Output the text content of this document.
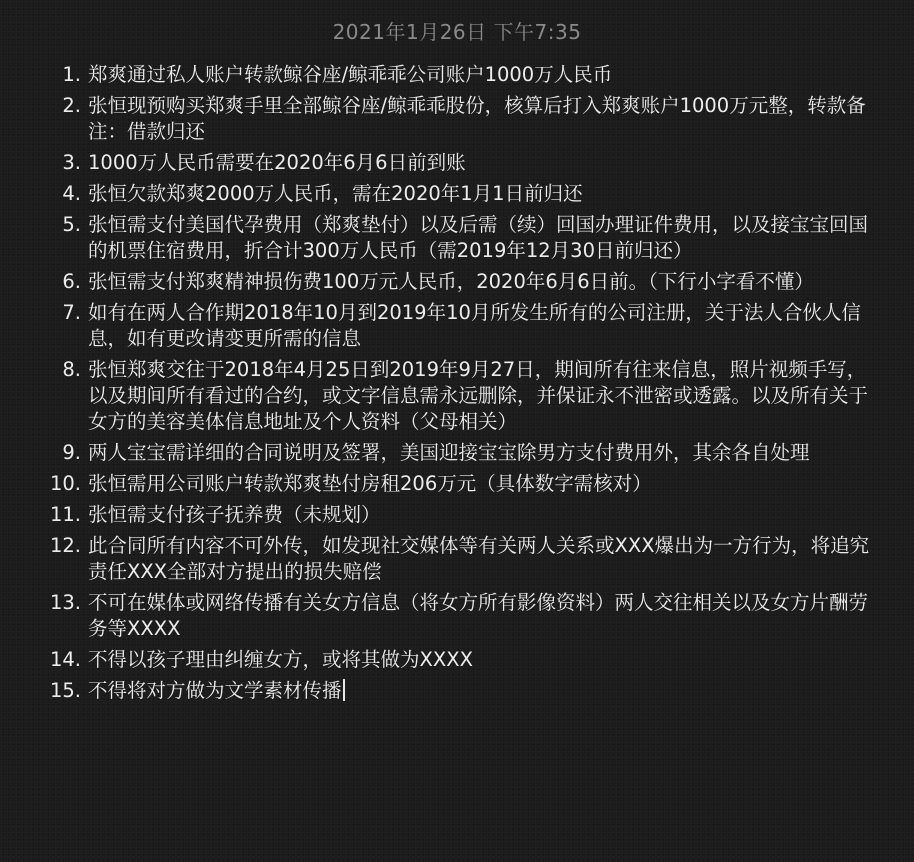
2021年1月26日 下午7:35
1. 郑爽通过私人账户转款鲸谷座/鲸乖乖公司账户1000万人民币
2. 张恒现预购买郑爽手里全部鲸谷座/鲸乖乖股份，核算后打入郑爽账户1000万元整，转款备注：借款归还
3. 1000万人民币需要在2020年6月6日前到账
4. 张恒欠款郑爽2000万人民币，需在2020年1月1日前归还
5. 张恒需支付美国代孕费用（郑爽垫付）以及后需（续）回国办理证件费用，以及接宝宝回国的机票住宿费用，折合计300万人民币（需2019年12月30日前归还）
6. 张恒需支付郑爽精神损伤费100万元人民币，2020年6月6日前。（下行小字看不懂）
7. 如有在两人合作期2018年10月到2019年10月所发生所有的公司注册，关于法人合伙人信息，如有更改请变更所需的信息
8. 张恒郑爽交往于2018年4月25日到2019年9月27日，期间所有往来信息，照片视频手写，以及期间所有看过的合约，或文字信息需永远删除，并保证永不泄密或透露。以及所有关于女方的美容美体信息地址及个人资料（父母相关）
9. 两人宝宝需详细的合同说明及签署，美国迎接宝宝除男方支付费用外，其余各自处理
10. 张恒需用公司账户转款郑爽垫付房租206万元（具体数字需核对）
11. 张恒需支付孩子抚养费（未规划）
12. 此合同所有内容不可外传，如发现社交媒体等有关两人关系或XXX爆出为一方行为，将追究责任XXX全部对方提出的损失赔偿
13. 不可在媒体或网络传播有关女方信息（将女方所有影像资料）两人交往相关以及女方片酬劳务等XXXX
14. 不得以孩子理由纠缠女方，或将其做为XXXX
15. 不得将对方做为文学素材传播
